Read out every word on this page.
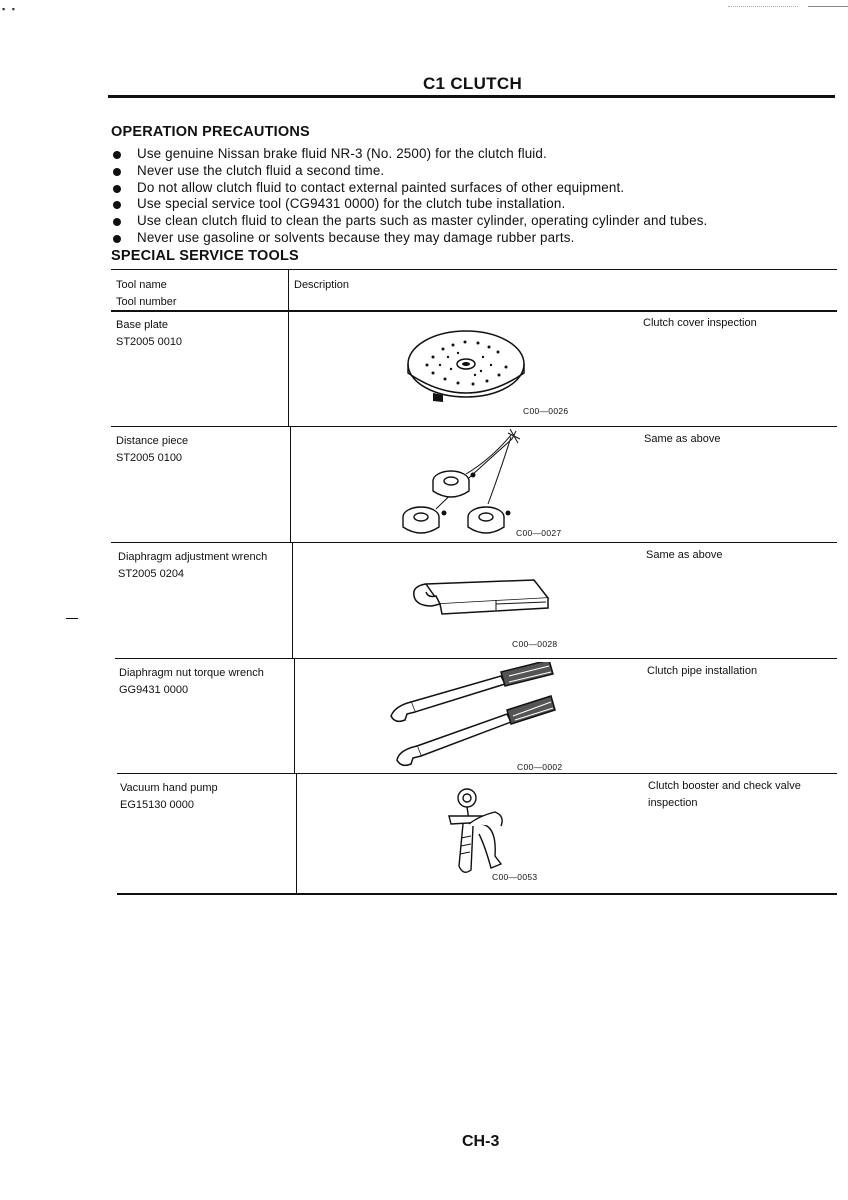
▪ ▪
C1 CLUTCH
OPERATION PRECAUTIONS
Use genuine Nissan brake fluid NR-3 (No. 2500) for the clutch fluid.
Never use the clutch fluid a second time.
Do not allow clutch fluid to contact external painted surfaces of other equipment.
Use special service tool (CG9431 0000) for the clutch tube installation.
Use clean clutch fluid to clean the parts such as master cylinder, operating cylinder and tubes.
Never use gasoline or solvents because they may damage rubber parts.
SPECIAL SERVICE TOOLS
Tool name
Tool number
Description
Base plate
ST2005 0010
Clutch cover inspection
C00—0026
Distance piece
ST2005 0100
Same as above
C00—0027
Diaphragm adjustment wrench
ST2005 0204
Same as above
C00—0028
Diaphragm nut torque wrench
GG9431 0000
Clutch pipe installation
C00—0002
Vacuum hand pump
EG15130 0000
Clutch booster and check valve inspection
C00—0053
CH-3
